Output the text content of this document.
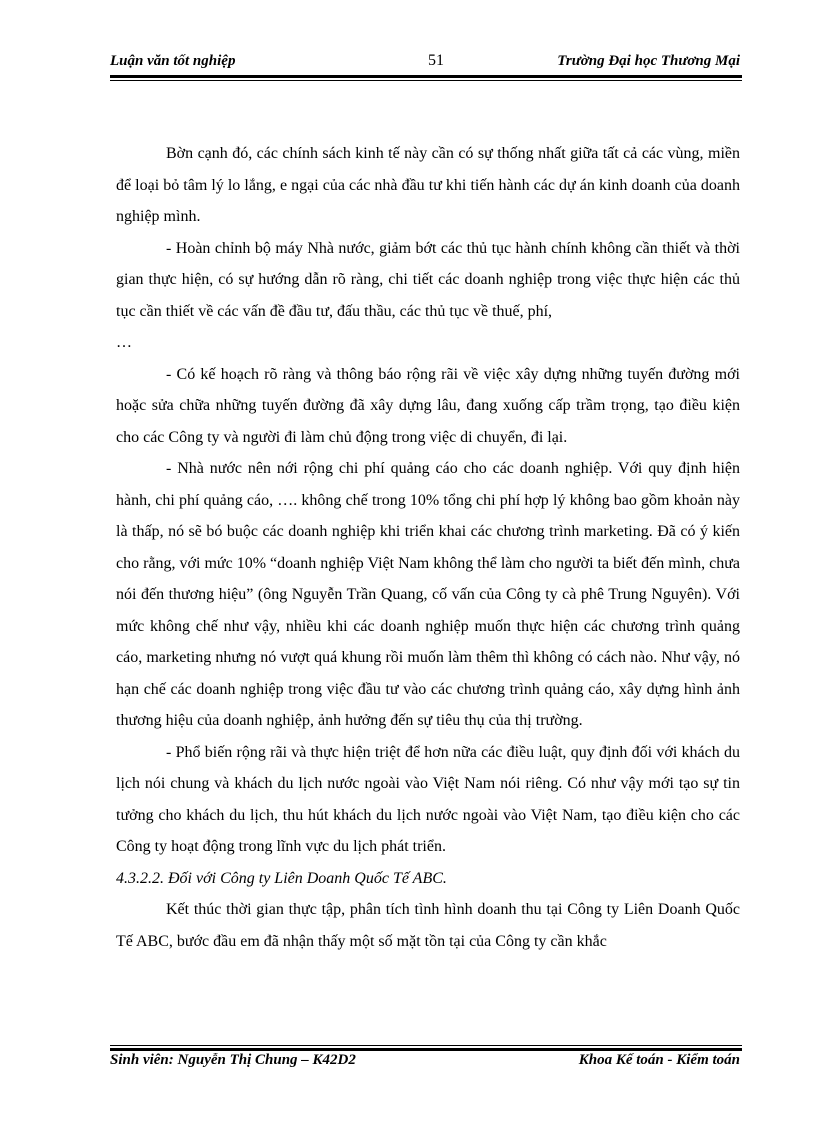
Luận văn tốt nghiệp	51	Trường Đại học Thương Mại

Bờn cạnh đó, các chính sách kinh tế này cần có sự thống nhất giữa tất cả các vùng, miền để loại bỏ tâm lý lo lắng, e ngại của các nhà đầu tư khi tiến hành các dự án kinh doanh của doanh nghiệp mình.

- Hoàn chỉnh bộ máy Nhà nước, giảm bớt các thủ tục hành chính không cần thiết và thời gian thực hiện, có sự hướng dẫn rõ ràng, chi tiết các doanh nghiệp trong việc thực hiện các thủ tục cần thiết về các vấn đề đầu tư, đấu thầu, các thủ tục về thuế, phí,

…

- Có kế hoạch rõ ràng và thông báo rộng rãi về việc xây dựng những tuyến đường mới hoặc sửa chữa những tuyến đường đã xây dựng lâu, đang xuống cấp trầm trọng, tạo điều kiện cho các Công ty và người đi làm chủ động trong việc di chuyển, đi lại.

- Nhà nước nên nới rộng chi phí quảng cáo cho các doanh nghiệp. Với quy định hiện hành, chi phí quảng cáo, …. không chế trong 10% tổng chi phí hợp lý không bao gồm khoản này là thấp, nó sẽ bó buộc các doanh nghiệp khi triển khai các chương trình marketing. Đã có ý kiến cho rằng, với mức 10% “doanh nghiệp Việt Nam không thể làm cho người ta biết đến mình, chưa nói đến thương hiệu” (ông Nguyễn Trần Quang, cố vấn của Công ty cà phê Trung Nguyên). Với mức không chế như vậy, nhiều khi các doanh nghiệp muốn thực hiện các chương trình quảng cáo, marketing nhưng nó vượt quá khung rồi muốn làm thêm thì không có cách nào. Như vậy, nó hạn chế các doanh nghiệp trong việc đầu tư vào các chương trình quảng cáo, xây dựng hình ảnh thương hiệu của doanh nghiệp, ảnh hưởng đến sự tiêu thụ của thị trường.

- Phổ biến rộng rãi và thực hiện triệt để hơn nữa các điều luật, quy định đối với khách du lịch nói chung và khách du lịch nước ngoài vào Việt Nam nói riêng. Có như vậy mới tạo sự tin tưởng cho khách du lịch, thu hút khách du lịch nước ngoài vào Việt Nam, tạo điều kiện cho các Công ty hoạt động trong lĩnh vực du lịch phát triển.

4.3.2.2. Đối với Công ty Liên Doanh Quốc Tế ABC.

Kết thúc thời gian thực tập, phân tích tình hình doanh thu tại Công ty Liên Doanh Quốc Tế ABC, bước đầu em đã nhận thấy một số mặt tồn tại của Công ty cần khắc

Sinh viên: Nguyễn Thị Chung – K42D2	Khoa Kế toán - Kiểm toán
